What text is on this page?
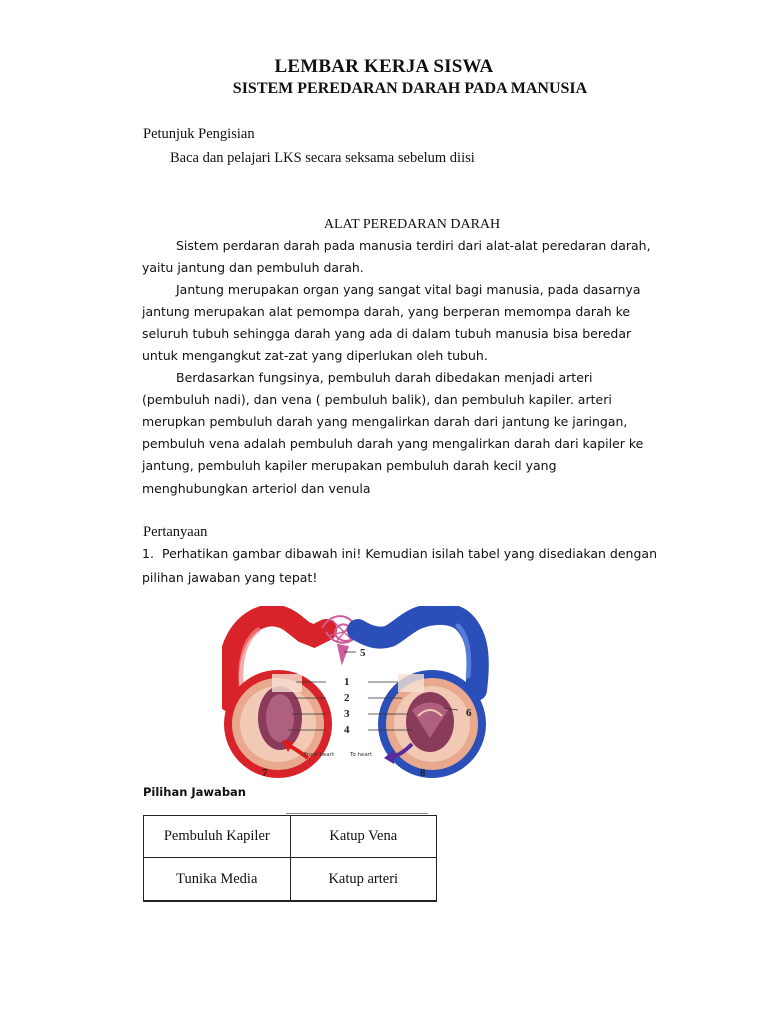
LEMBAR KERJA SISWA
SISTEM PEREDARAN DARAH PADA MANUSIA
Petunjuk Pengisian
Baca dan pelajari LKS secara seksama sebelum diisi
ALAT PEREDARAN DARAH
Sistem perdaran darah pada manusia terdiri dari alat-alat peredaran darah,
yaitu jantung dan pembuluh darah.
Jantung merupakan organ yang sangat vital bagi manusia, pada dasarnya
jantung merupakan alat pemompa darah, yang berperan memompa darah ke
seluruh tubuh sehingga darah yang ada di dalam tubuh manusia bisa beredar
untuk mengangkut zat-zat yang diperlukan oleh tubuh.
Berdasarkan fungsinya, pembuluh darah dibedakan menjadi arteri
(pembuluh nadi), dan vena ( pembuluh balik), dan pembuluh kapiler. arteri
merupkan pembuluh darah yang mengalirkan darah dari jantung ke jaringan,
pembuluh vena adalah pembuluh darah yang mengalirkan darah dari kapiler ke
jantung, pembuluh kapiler merupakan pembuluh darah kecil yang
menghubungkan arteriol dan venula
Pertanyaan
1. Perhatikan gambar dibawah ini! Kemudian isilah tabel yang disediakan dengan
pilihan jawaban yang tepat!
1
2
3
4
5
6
7	8
From heart	To heart
Pilihan Jawaban
Pembuluh Kapiler	Katup Vena
Tunika Media	Katup arteri
